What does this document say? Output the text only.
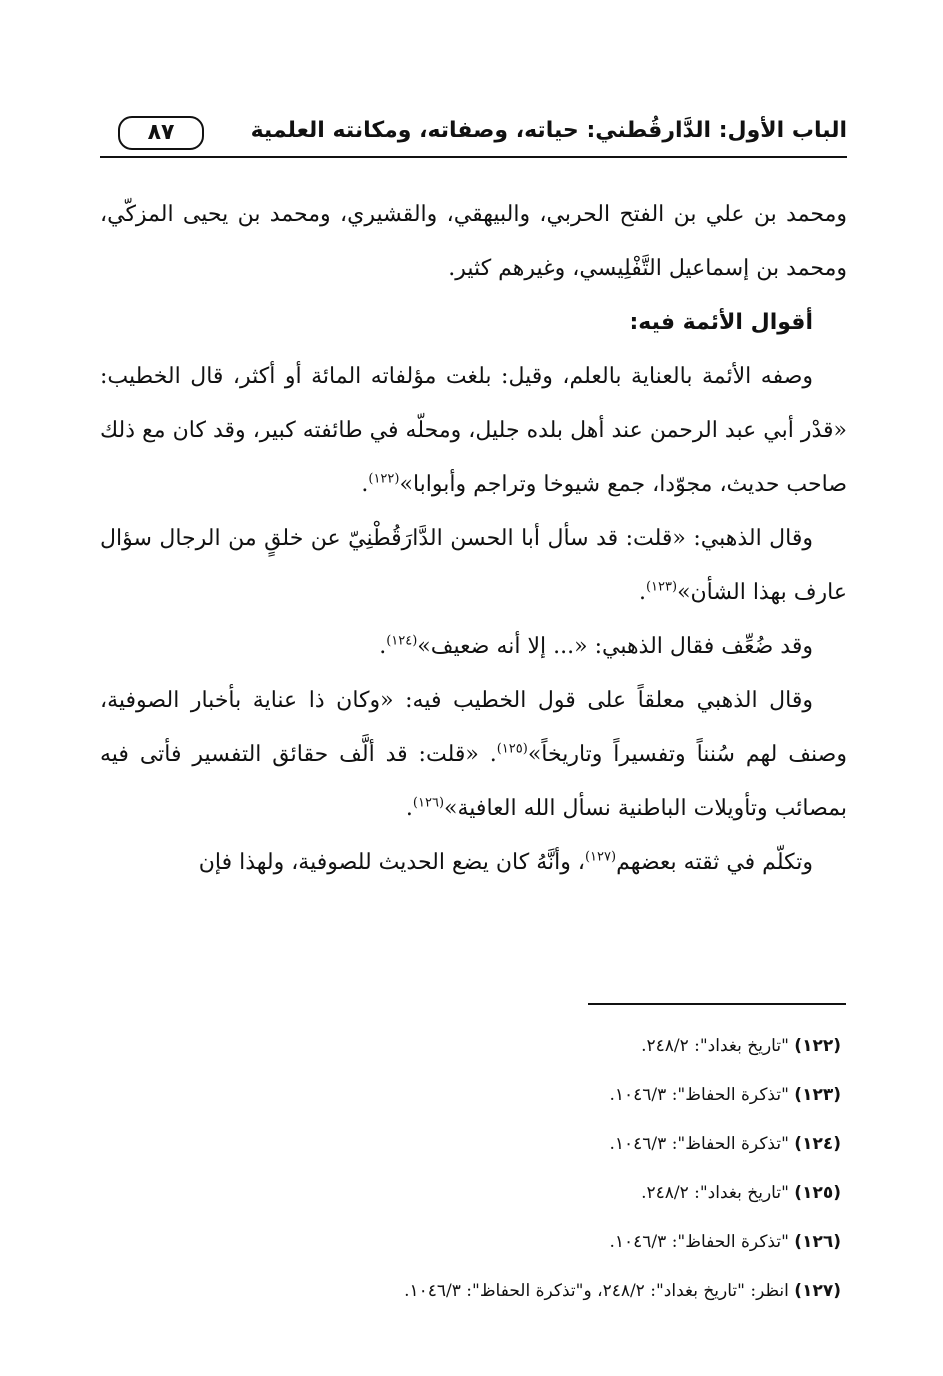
الباب الأول: الدَّارقُطني: حياته، وصفاته، ومكانته العلمية
٨٧

ومحمد بن علي بن الفتح الحربي، والبيهقي، والقشيري، ومحمد بن يحيى المزكّي، ومحمد بن إسماعيل التَّفْلِيسي، وغيرهم كثير.

أقوال الأئمة فيه:

وصفه الأئمة بالعناية بالعلم، وقيل: بلغت مؤلفاته المائة أو أكثر، قال الخطيب: «قدْر أبي عبد الرحمن عند أهل بلده جليل، ومحلّه في طائفته كبير، وقد كان مع ذلك صاحب حديث، مجوّدا، جمع شيوخا وتراجم وأبوابا»$^{(١٢٢)}$.

وقال الذهبي: «قلت: قد سأل أبا الحسن الدَّارَقُطْنِيّ عن خلقٍ من الرجال سؤال عارف بهذا الشأن»$^{(١٢٣)}$.

وقد ضُعِّف فقال الذهبي: «... إلا أنه ضعيف»$^{(١٢٤)}$.

وقال الذهبي معلقاً على قول الخطيب فيه: «وكان ذا عناية بأخبار الصوفية، وصنف لهم سُنناً وتفسيراً وتاريخاً»$^{(١٢٥)}$. «قلت: قد ألَّف حقائق التفسير فأتى فيه بمصائب وتأويلات الباطنية نسأل الله العافية»$^{(١٢٦)}$.

وتكلّم في ثقته بعضهم$^{(١٢٧)}$، وأنَّهُ كان يضع الحديث للصوفية، ولهذا فإن

(١٢٢) "تاريخ بغداد": ٢٤٨/٢.
(١٢٣) "تذكرة الحفاظ": ١٠٤٦/٣.
(١٢٤) "تذكرة الحفاظ": ١٠٤٦/٣.
(١٢٥) "تاريخ بغداد": ٢٤٨/٢.
(١٢٦) "تذكرة الحفاظ": ١٠٤٦/٣.
(١٢٧) انظر: "تاريخ بغداد": ٢٤٨/٢، و"تذكرة الحفاظ": ١٠٤٦/٣.
